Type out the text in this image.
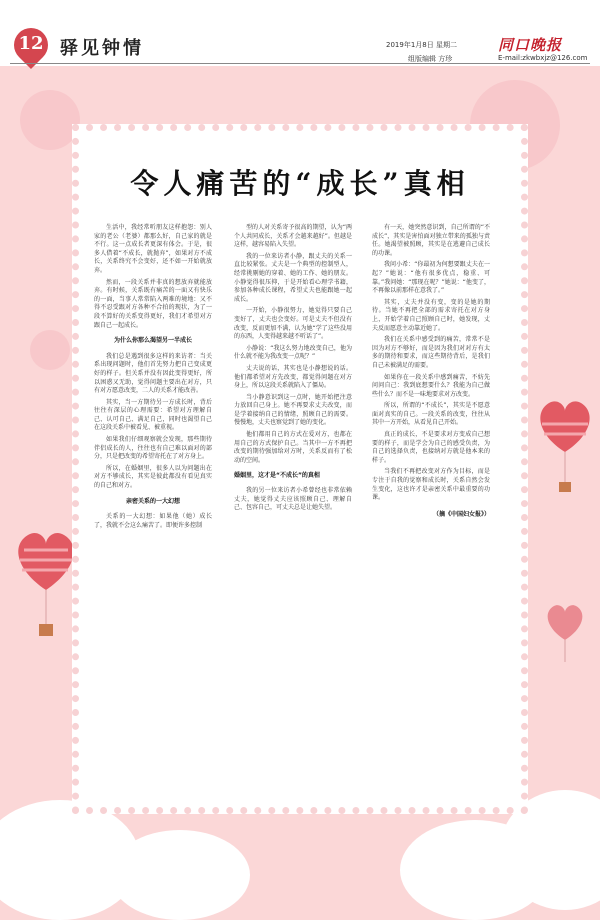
12 驿见钟情	2019年1月8日 星期二
组版编辑 方珍
同口晚报
E-mail:zkwbxjz@126.com
令人痛苦的“成长”真相

生活中，我经常听朋友这样抱怨：别人家的老公（老婆）都那么好，自己家的就是不行。这一点成长者更深有体会。于是，很多人借着“不成长，就抛弃”，如果对方不成长，关系终究不会变好，还不如一开始就放弃。

然而，一段关系并非真的想放弃就能放弃。有时候，关系既有痛苦的一面又有快乐的一面，当事人常常陷入两难的境地：又不得不忍受跟对方各种不合拍的现状，为了一段不算好的关系变得更好，我们才希望对方跟自己一起成长。

为什么你那么渴望另一半成长

我们总是遇到很多这样的来访者：当关系出现问题时，他们首先努力把自己变成更好的样子。但关系并没有因此变得更好，所以困惑又无助，觉得问题主要出在对方，只有对方愿意改变，二人的关系才能改善。

其实，当一方期待另一方成长时，背后往往有深层的心理需要：希望对方理解自己、认可自己、满足自己，同时也渴望自己在这段关系中被看见、被重视。

如果我们仔细观察就会发现，那些期待伴侣成长的人，往往也有自己难以面对的部分，只是把改变的希望寄托在了对方身上。

所以，在婚姻里，很多人以为问题出在对方不够成长，其实是彼此都没有看见真实的自己和对方。

亲密关系的一大幻想

关系的一大幻想：如果他（她）成长了，我就不会这么痛苦了。即便许多控制

型的人对关系寄予很高的期望，认为“两个人共同成长，关系才会越来越好”。但越是这样，越容易陷入失望。

我的一位来访者小静，跟丈夫的关系一直比较紧张。丈夫是一个典型的控制型人，经常挑剔她的穿着、她的工作、她的朋友。小静觉得很压抑，于是开始看心理学书籍，参加各种成长课程，希望丈夫也能跟她一起成长。

一开始，小静很努力，她觉得只要自己变好了，丈夫也会变好。可是丈夫不但没有改变，反而更加不满，认为她“学了这些没用的东西，人变得越来越不听话了”。

小静说：“我这么努力地改变自己，他为什么就不能为我改变一点呢？”

丈夫说的话，其实也是小静想说的话。他们都希望对方先改变，都觉得问题在对方身上，所以这段关系就陷入了僵局。

当小静意识到这一点时，她开始把注意力放回自己身上。她不再要求丈夫改变，而是学着接纳自己的情绪，照顾自己的需要。慢慢地，丈夫也察觉到了她的变化。

他们都用自己的方式在爱对方，也都在用自己的方式保护自己。当其中一方不再把改变的期待强加给对方时，关系反而有了松动的空间。

婚姻里，这才是“不成长”的真相

我的另一位来访者小希曾经也非常依赖丈夫，她觉得丈夫应该照顾自己、理解自己、包容自己，可丈夫总是让她失望。

有一天，她突然意识到，自己所谓的“不成长”，其实是害怕面对独立带来的孤独与责任。她渴望被照顾，其实是在逃避自己成长的功课。

我问小希：“你最初为何想要跟丈夫在一起？”她说：“他有很多优点，稳重、可靠。”我问她：“那现在呢？”她说：“他变了，不再像以前那样在意我了。”

其实，丈夫并没有变，变的是她的期待。当她不再把全部的需求寄托在对方身上，开始学着自己照顾自己时，她发现，丈夫反而愿意主动靠近她了。

我们在关系中感受到的痛苦，常常不是因为对方不够好，而是因为我们对对方有太多的期待和要求，而这些期待背后，是我们自己未被满足的需要。

如果你在一段关系中感到痛苦，不妨先问问自己：我到底想要什么？我能为自己做些什么？而不是一味地要求对方改变。

所以，所谓的“不成长”，其实是不愿意面对真实的自己。一段关系的改变，往往从其中一方开始，从看见自己开始。

真正的成长，不是要求对方变成自己想要的样子，而是学会为自己的感受负责，为自己的选择负责，也接纳对方就是他本来的样子。

当我们不再把改变对方作为目标，而是专注于自我的觉察和成长时，关系自然会发生变化，这也许才是亲密关系中最重要的功课。

（摘《中国妇女报》）
